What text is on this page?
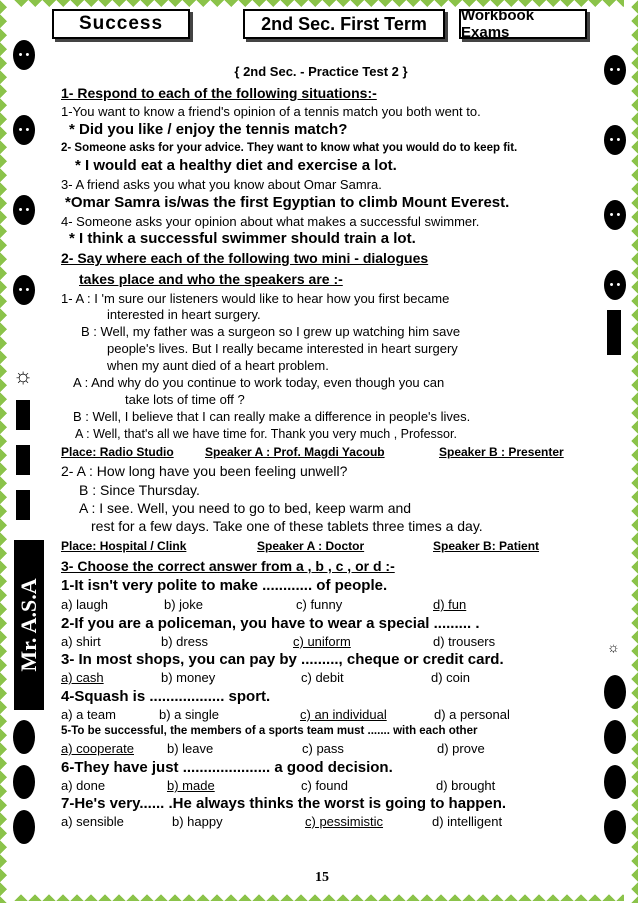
Success	2nd Sec. First Term Workbook Exams
• •
• •
• •
• •
☼
Mr. A.S.A
• •
• •
• •
• •
☼
{ 2nd Sec. - Practice Test 2 }
1- Respond to each of the following situations:-
1-You want to know a friend's opinion of a tennis match you both went to.
* Did you like / enjoy the tennis match?
2- Someone asks for your advice. They want to know what you would do to keep fit.
* I would eat a healthy diet and exercise a lot.
3- A friend asks you what you know about Omar Samra.
*Omar Samra is/was the first Egyptian to climb Mount Everest.
4- Someone asks your opinion about what makes a successful swimmer.
* I think a successful swimmer should train a lot.
2- Say where each of the following two mini - dialogues
takes place and who the speakers are :-
1- A : I 'm sure our listeners would like to hear how you first became
interested in heart surgery.
B : Well, my father was a surgeon so I grew up watching him save
people's lives. But I really became interested in heart surgery
when my aunt died of a heart problem.
A : And why do you continue to work today, even though you can
take lots of time off ?
B : Well, I believe that I can really make a difference in people's lives.
A : Well, that's all we have time for. Thank you very much , Professor.
Place: Radio Studio	Speaker A : Prof. Magdi Yacoub	Speaker B : Presenter
2- A : How long have you been feeling unwell?
B : Since Thursday.
A : I see. Well, you need to go to bed, keep warm and
rest for a few days. Take one of these tablets three times a day.
Place: Hospital / Clink	Speaker A : Doctor	Speaker B: Patient
3- Choose the correct answer from a , b , c , or d :-
1-It isn't very polite to make ............ of people.
a) laugh	b) joke	c) funny	d) fun
2-If you are a policeman, you have to wear a special ......... .
a) shirt	b) dress	c) uniform	d) trousers
3- In most shops, you can pay by ........., cheque or credit card.
a) cash	b) money	c) debit	d) coin
4-Squash is .................. sport.
a) a team	b) a single	c) an individual	d) a personal
5-To be successful, the members of a sports team must ....... with each other
a) cooperate	b) leave	c) pass	d) prove
6-They have just ..................... a good decision.
a) done	b) made	c) found	d) brought
7-He's very...... .He always thinks the worst is going to happen.
a) sensible	b) happy	c) pessimistic	d) intelligent
15
